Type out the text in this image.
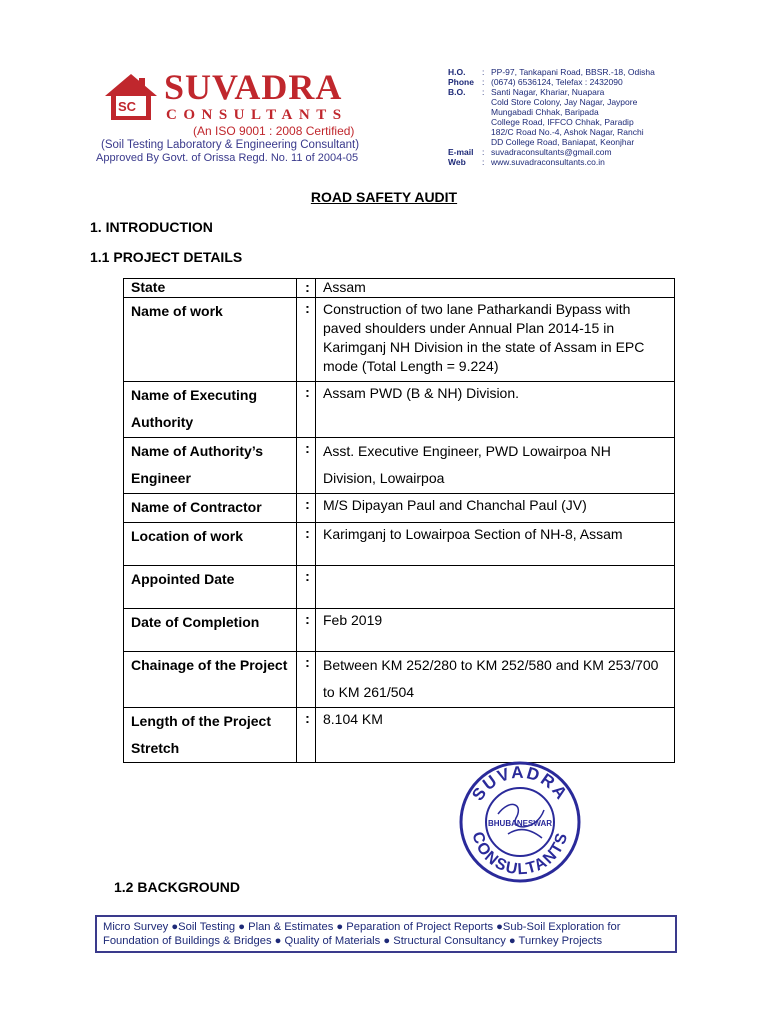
SC SUVADRA
CONSULTANTS
(An ISO 9001 : 2008 Certified)
(Soil Testing Laboratory & Engineering Consultant)
Approved By Govt. of Orissa Regd. No. 11 of 2004-05
H.O.	: PP-97, Tankapani Road, BBSR.-18, Odisha
Phone : (0674) 6536124, Telefax : 2432090
B.O.	: Santi Nagar, Khariar, Nuapara
Cold Store Colony, Jay Nagar, Jaypore
Mungabadi Chhak, Baripada
College Road, IFFCO Chhak, Paradip
182/C Road No.-4, Ashok Nagar, Ranchi
DD College Road, Baniapat, Keonjhar
E-mail : suvadraconsultants@gmail.com
Web	: www.suvadraconsultants.co.in
ROAD SAFETY AUDIT
1. INTRODUCTION
1.1 PROJECT DETAILS
State	:	Assam
Name of work	:	Construction of two lane Patharkandi Bypass with paved shoulders under Annual Plan 2014-15 in Karimganj NH Division in the state of Assam in EPC mode (Total Length = 9.224)
Name of Executing Authority	:	Assam PWD (B & NH) Division.
Name of Authority’s Engineer	:	Asst. Executive Engineer, PWD Lowairpoa NH Division, Lowairpoa
Name of Contractor	:	M/S Dipayan Paul and Chanchal Paul (JV)
Location of work	:	Karimganj to Lowairpoa Section of NH-8, Assam
Appointed Date	:	
Date of Completion	:	Feb 2019
Chainage of the Project	:	Between KM 252/280 to KM 252/580 and KM 253/700 to KM 261/504
Length of the Project Stretch	:	8.104 KM
SUVADRA
CONSULTANTS
BHUBANESWAR
1.2 BACKGROUND
Micro Survey ●Soil Testing ● Plan & Estimates ● Peparation of Project Reports ●Sub-Soil Exploration for
Foundation of Buildings & Bridges ● Quality of Materials ● Structural Consultancy ● Turnkey Projects
